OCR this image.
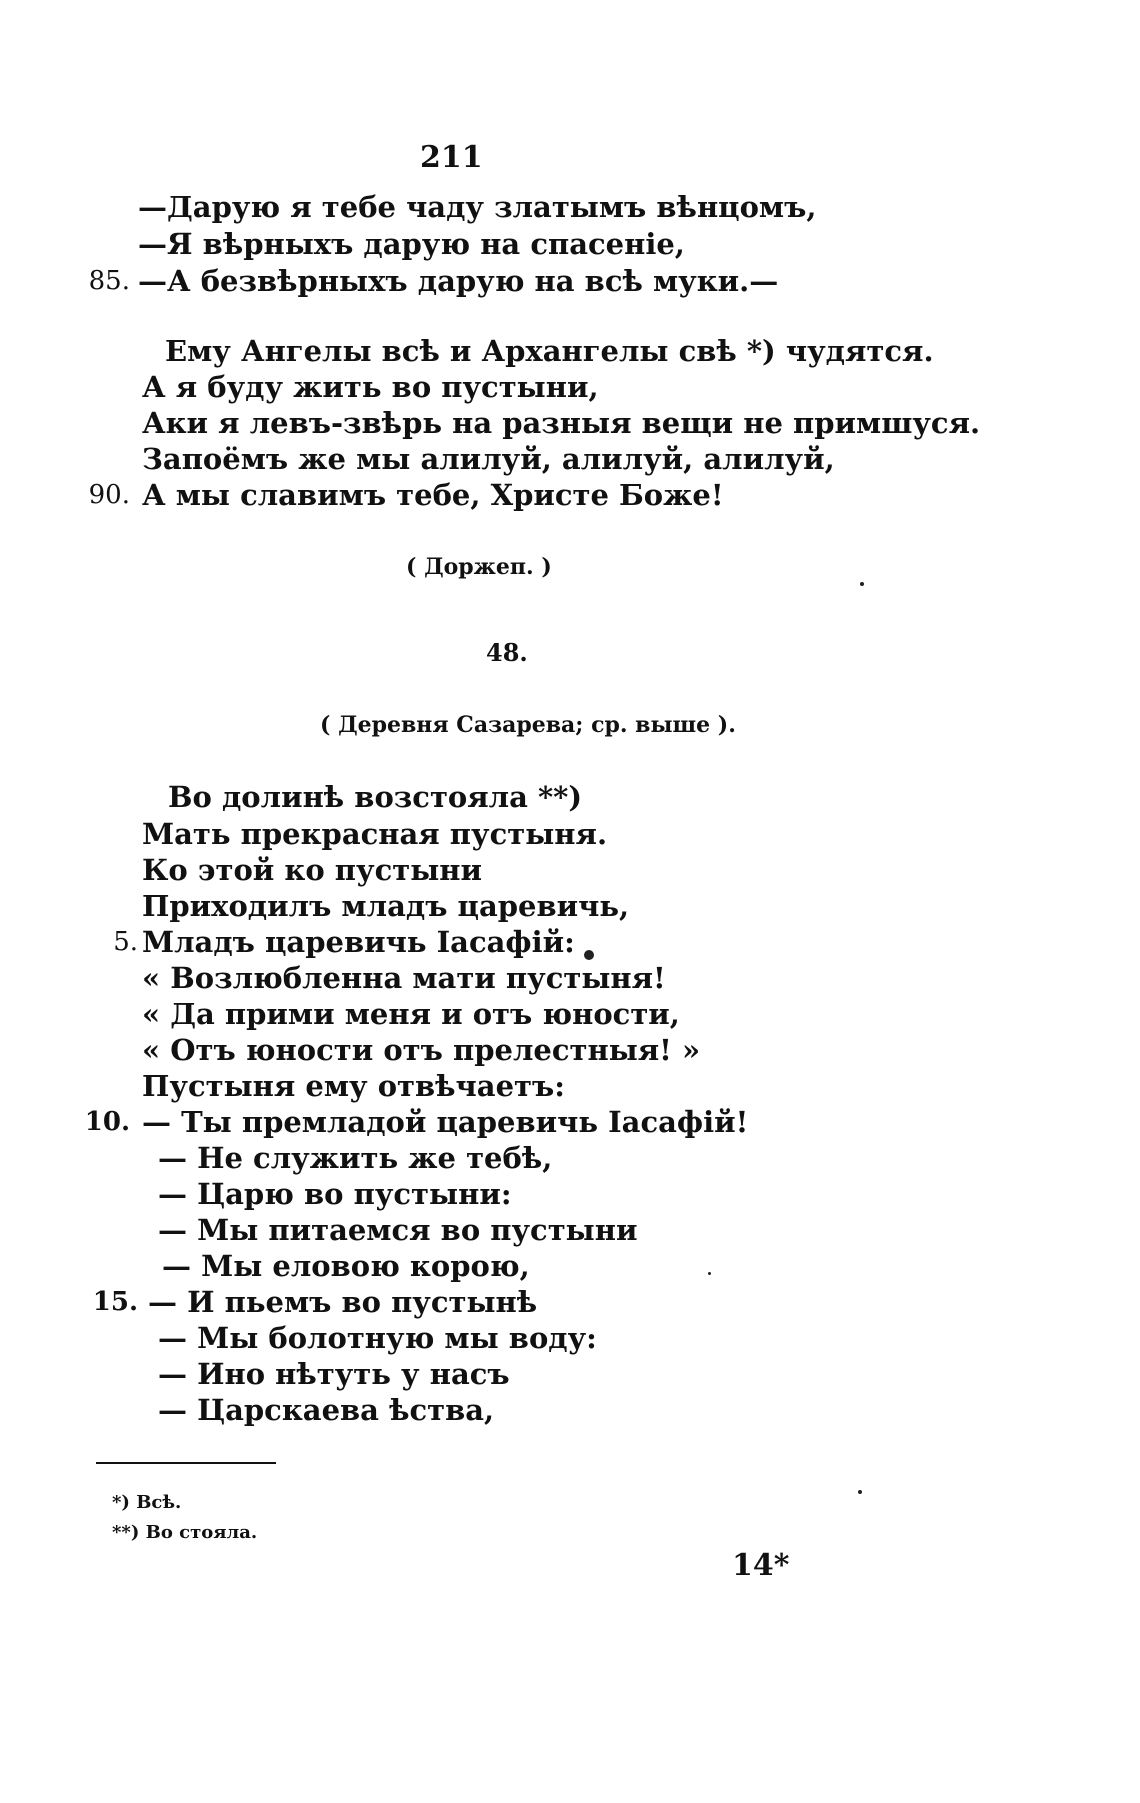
211
—Дарую я тебе чаду златымъ вѣнцомъ,
—Я вѣрныхъ дарую на спасеніе,
85. —А безвѣрныхъ дарую на всѣ муки.—
Ему Ангелы всѣ и Архангелы свѣ *) чудятся.
А я буду жить во пустыни,
Аки я левъ-звѣрь на разныя вещи не примшуся.
Запоёмъ же мы алилуй, алилуй, алилуй,
90. А мы славимъ тебе, Христе Боже!
( Доржеп. )
48.
( Деревня Сазарева; ср. выше ).
Во долинѣ возстояла **)
Мать прекрасная пустыня.
Ко этой ко пустыни
Приходилъ младъ царевичь,
5. Младъ царевичь Іасафій:
« Возлюбленна мати пустыня!
« Да прими меня и отъ юности,
« Отъ юности отъ прелестныя! »
Пустыня ему отвѣчаетъ:
10. — Ты премладой царевичь Іасафій!
— Не служить же тебѣ,
— Царю во пустыни:
— Мы питаемся во пустыни
— Мы еловою корою,
15. — И пьемъ во пустынѣ
— Мы болотную мы воду:
— Ино нѣтуть у насъ
— Царскаева ѣства,
*) Всѣ.
**) Во стояла.
14*
